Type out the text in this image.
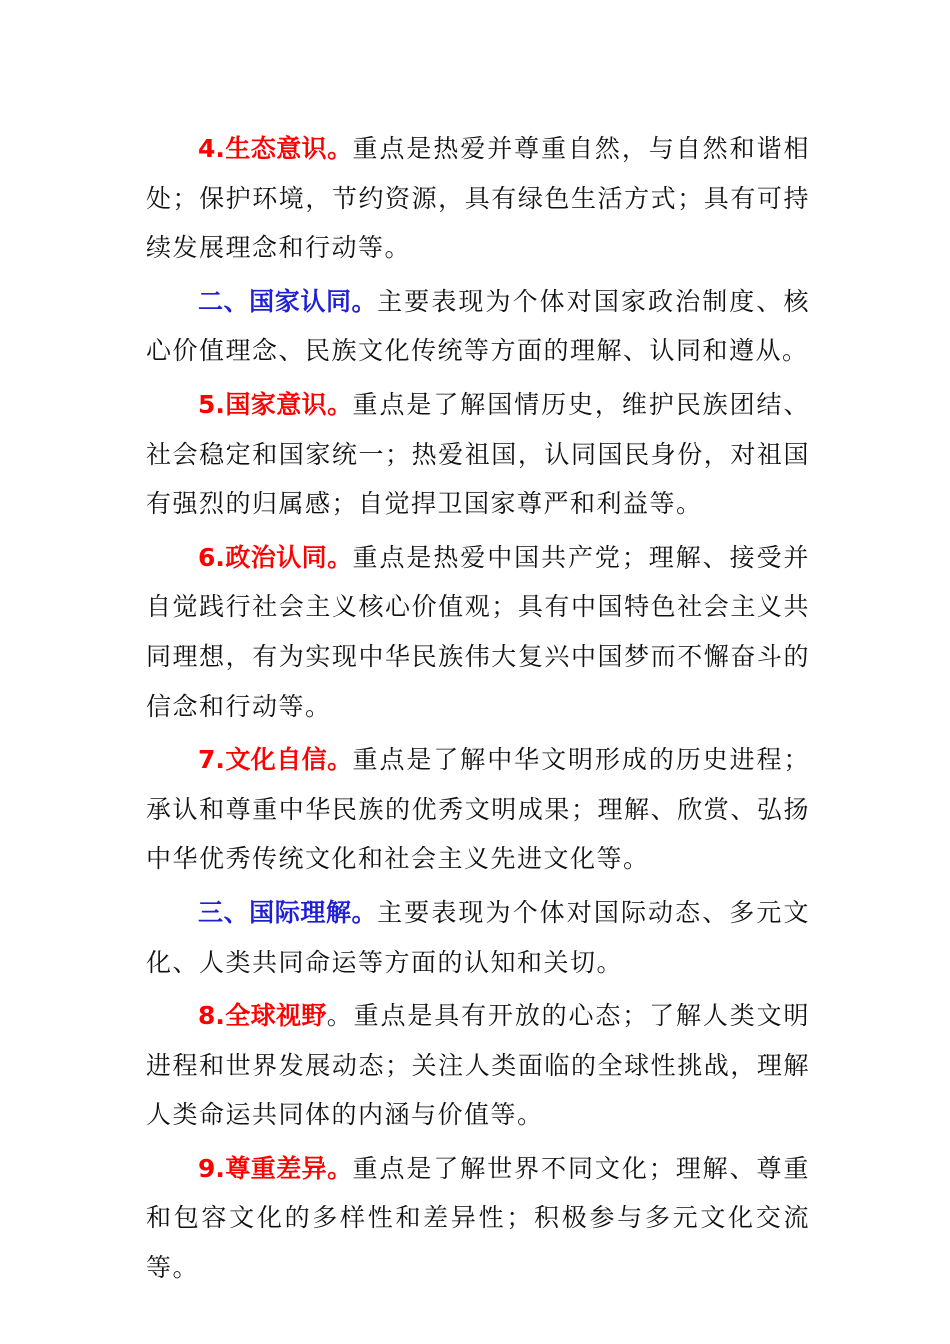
4.生态意识。重点是热爱并尊重自然，与自然和谐相处；保护环境，节约资源，具有绿色生活方式；具有可持续发展理念和行动等。

二、国家认同。主要表现为个体对国家政治制度、核心价值理念、民族文化传统等方面的理解、认同和遵从。

5.国家意识。重点是了解国情历史，维护民族团结、社会稳定和国家统一；热爱祖国，认同国民身份，对祖国有强烈的归属感；自觉捍卫国家尊严和利益等。

6.政治认同。重点是热爱中国共产党；理解、接受并自觉践行社会主义核心价值观；具有中国特色社会主义共同理想，有为实现中华民族伟大复兴中国梦而不懈奋斗的信念和行动等。

7.文化自信。重点是了解中华文明形成的历史进程；承认和尊重中华民族的优秀文明成果；理解、欣赏、弘扬中华优秀传统文化和社会主义先进文化等。

三、国际理解。主要表现为个体对国际动态、多元文化、人类共同命运等方面的认知和关切。

8.全球视野。重点是具有开放的心态；了解人类文明进程和世界发展动态；关注人类面临的全球性挑战，理解人类命运共同体的内涵与价值等。

9.尊重差异。重点是了解世界不同文化；理解、尊重和包容文化的多样性和差异性；积极参与多元文化交流等。
